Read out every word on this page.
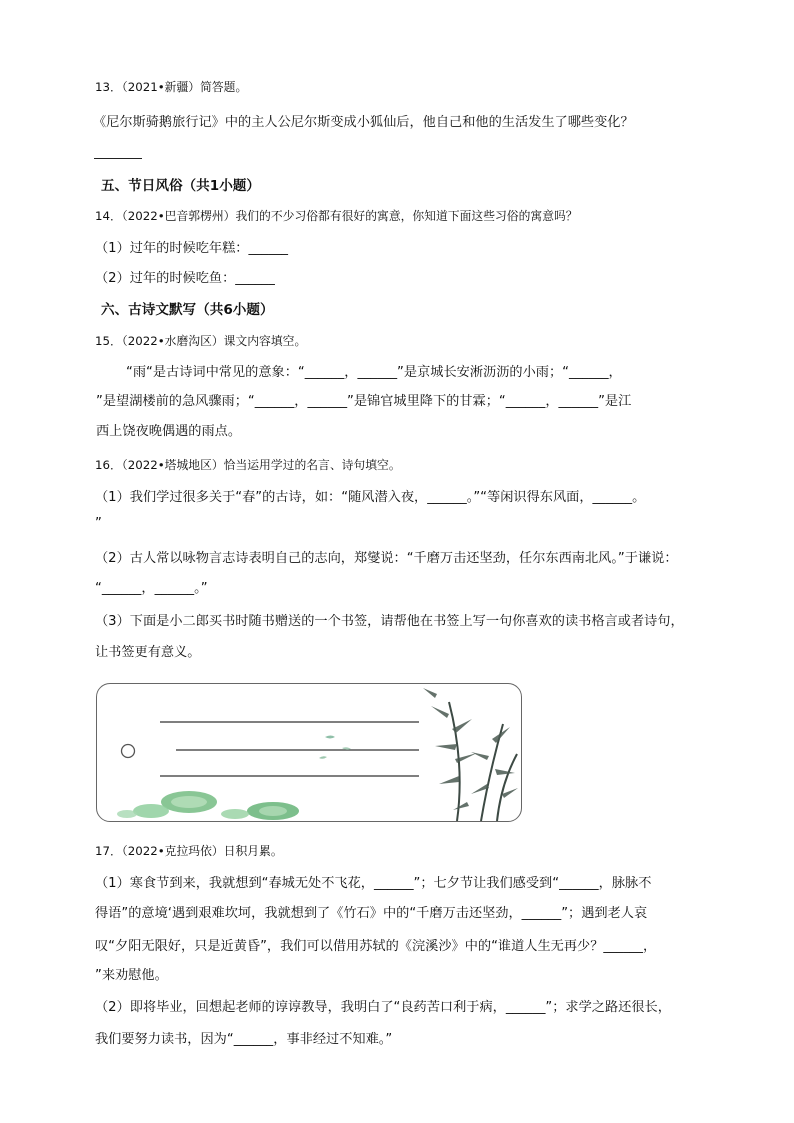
13．（2021•新疆）简答题。
《尼尔斯骑鹅旅行记》中的主人公尼尔斯变成小狐仙后，他自己和他的生活发生了哪些变化？
五、节日风俗（共1小题）
14．（2022•巴音郭楞州）我们的不少习俗都有很好的寓意，你知道下面这些习俗的寓意吗？
（1）过年的时候吃年糕：______
（2）过年的时候吃鱼：______
六、古诗文默写（共6小题）
15．（2022•水磨沟区）课文内容填空。
“雨“是古诗词中常见的意象：“______，______”是京城长安淅沥沥的小雨；“______，
”是望湖楼前的急风骤雨；“______，______”是锦官城里降下的甘霖；“______，______”是江
西上饶夜晚偶遇的雨点。
16．（2022•塔城地区）恰当运用学过的名言、诗句填空。
（1）我们学过很多关于“春”的古诗，如：“随风潜入夜，______。”“等闲识得东风面，______。
”
（2）古人常以咏物言志诗表明自己的志向，郑燮说：“千磨万击还坚劲，任尔东西南北风。”于谦说：
“______，______。”
（3）下面是小二郎买书时随书赠送的一个书签，请帮他在书签上写一句你喜欢的读书格言或者诗句，
让书签更有意义。
17．（2022•克拉玛依）日积月累。
（1）寒食节到来，我就想到“春城无处不飞花，______”；七夕节让我们感受到“______，脉脉不
得语”的意境‘遇到艰难坎坷，我就想到了《竹石》中的“千磨万击还坚劲，______”；遇到老人哀
叹“夕阳无限好，只是近黄昏”，我们可以借用苏轼的《浣溪沙》中的“谁道人生无再少？______，
”来劝慰他。
（2）即将毕业，回想起老师的谆谆教导，我明白了“良药苦口利于病，______”；求学之路还很长，
我们要努力读书，因为“______，事非经过不知难。”
